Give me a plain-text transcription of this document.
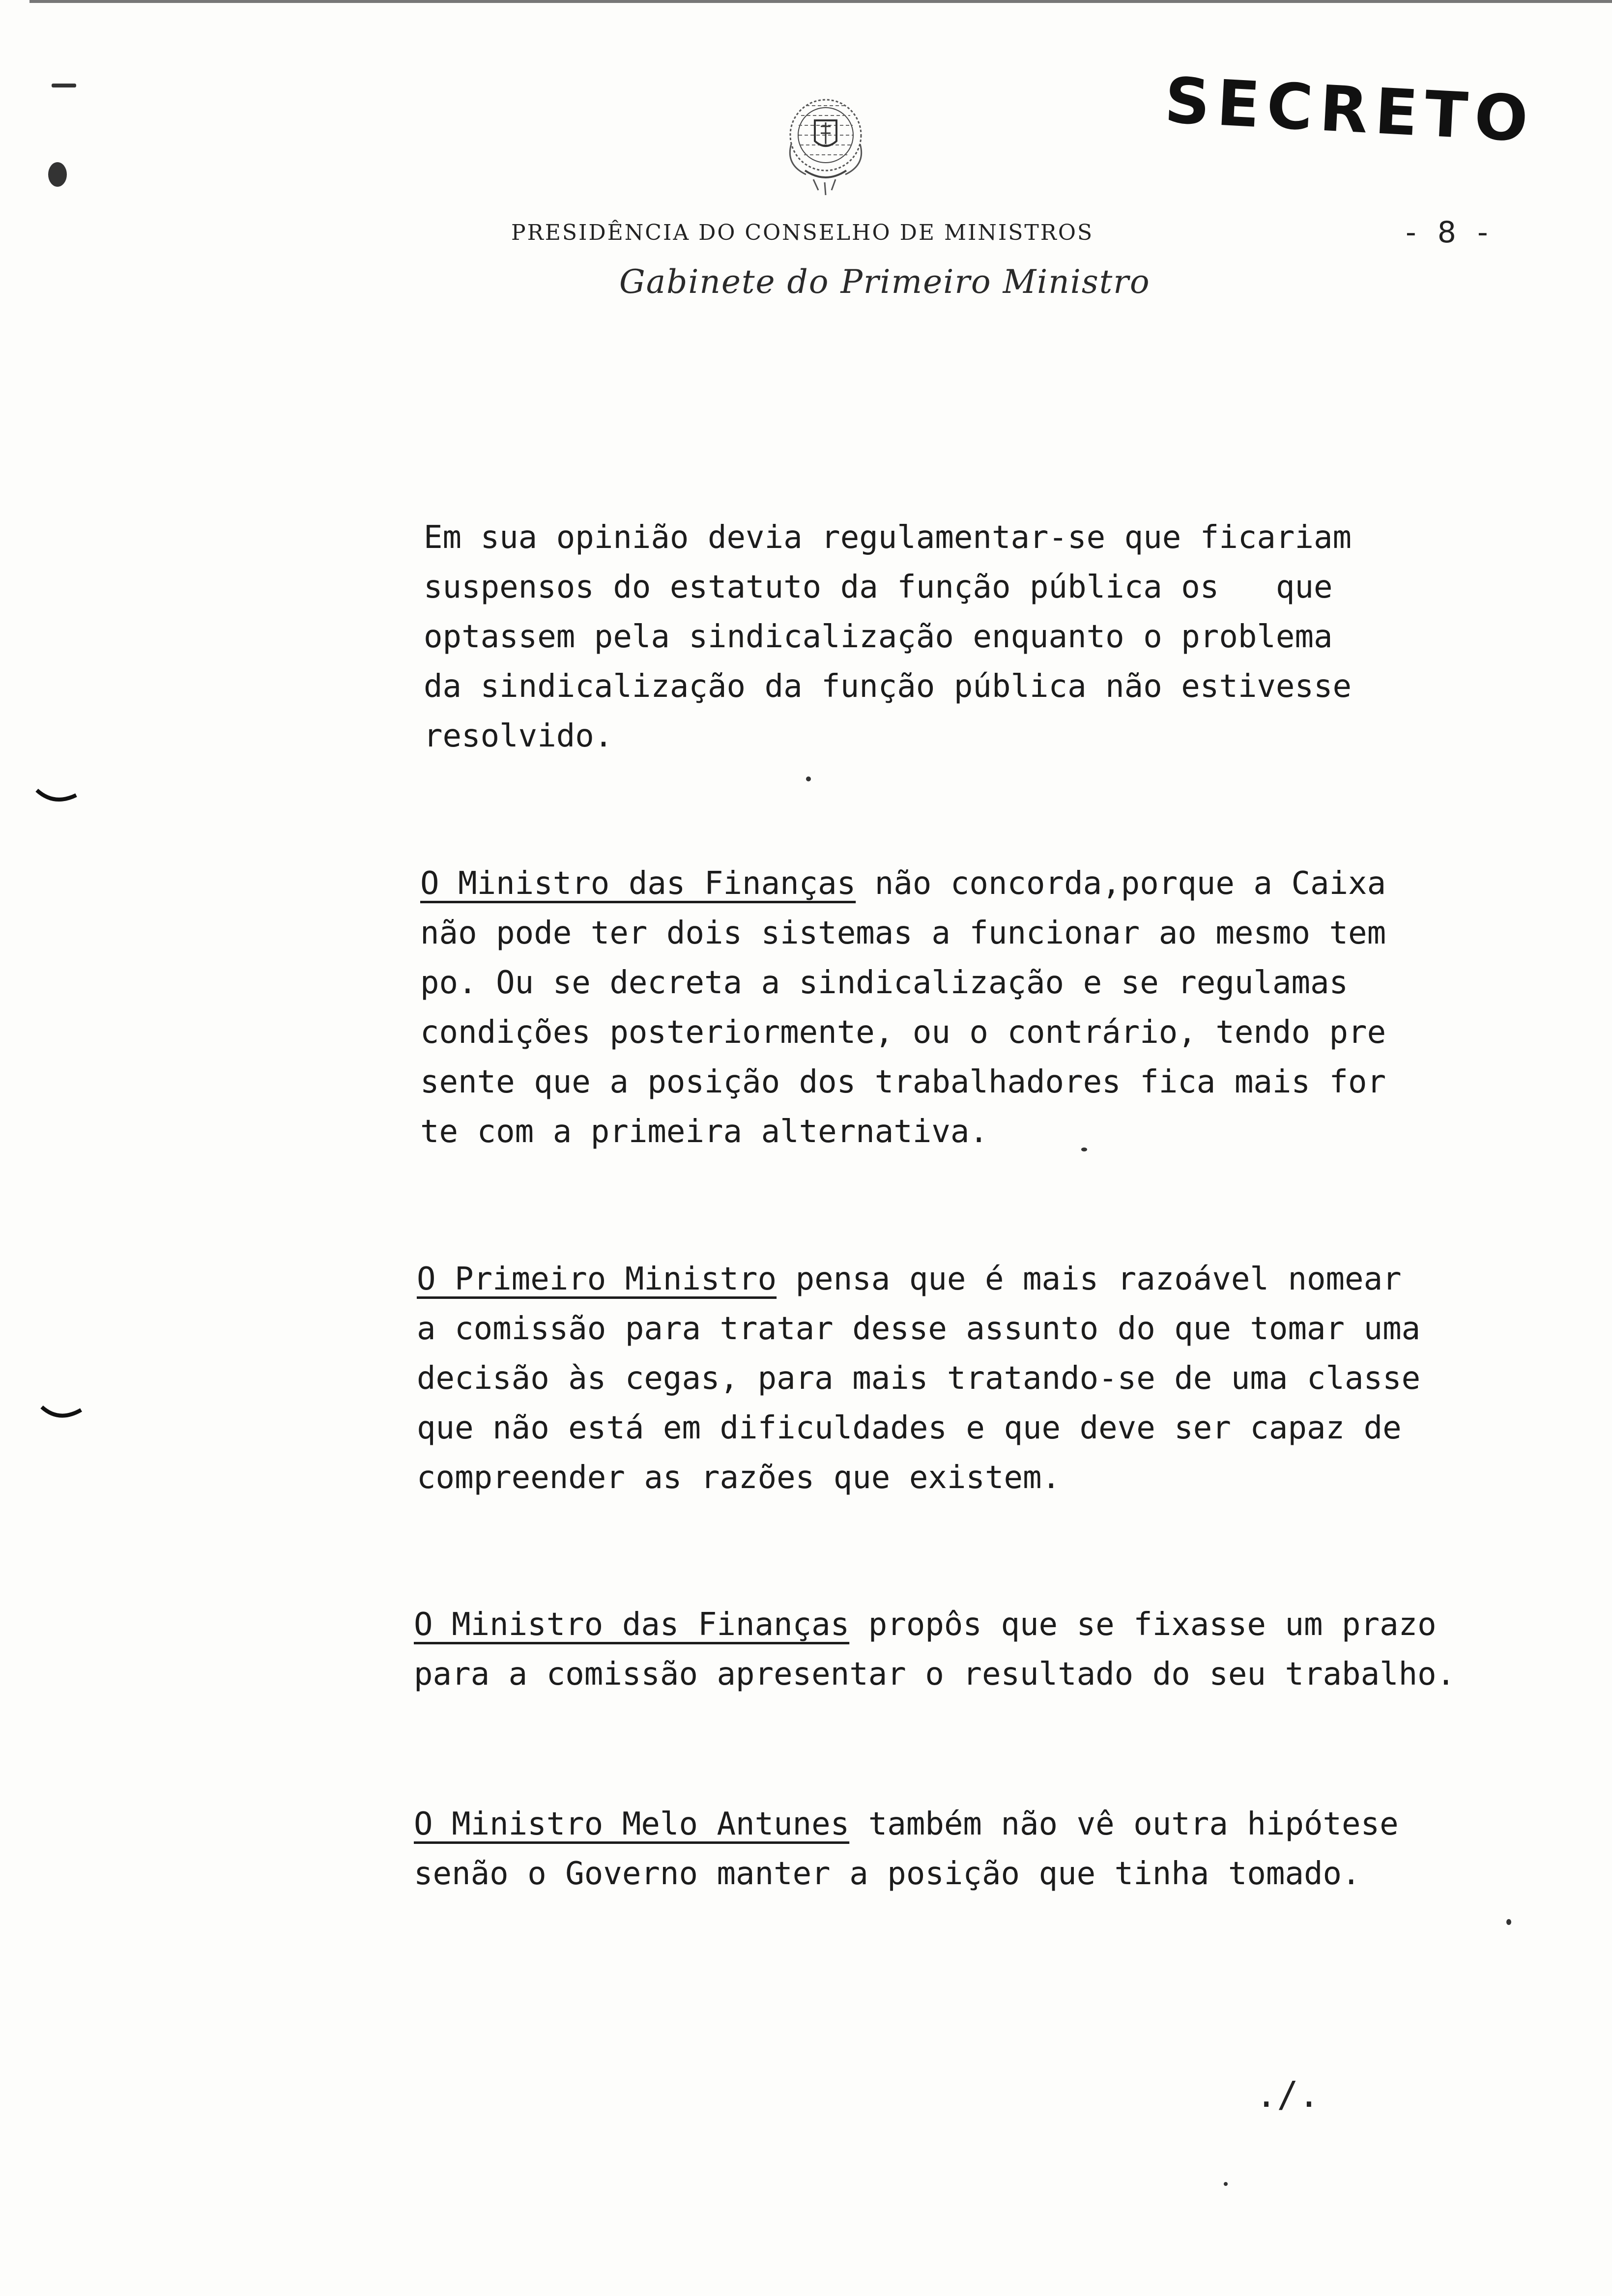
SECRETO
PRESIDÊNCIA DO CONSELHO DE MINISTROS	- 8 -
Gabinete do Primeiro Ministro

Em sua opinião devia regulamentar-se que ficariam
suspensos do estatuto da função pública os   que
optassem pela sindicalização enquanto o problema
da sindicalização da função pública não estivesse
resolvido.

O Ministro das Finanças não concorda,porque a Caixa
não pode ter dois sistemas a funcionar ao mesmo tem
po. Ou se decreta a sindicalização e se regulamas
condições posteriormente, ou o contrário, tendo pre
sente que a posição dos trabalhadores fica mais for
te com a primeira alternativa.

O Primeiro Ministro pensa que é mais razoável nomear
a comissão para tratar desse assunto do que tomar uma
decisão às cegas, para mais tratando-se de uma classe
que não está em dificuldades e que deve ser capaz de
compreender as razões que existem.

O Ministro das Finanças propôs que se fixasse um prazo
para a comissão apresentar o resultado do seu trabalho.

O Ministro Melo Antunes também não vê outra hipótese
senão o Governo manter a posição que tinha tomado.

./.
